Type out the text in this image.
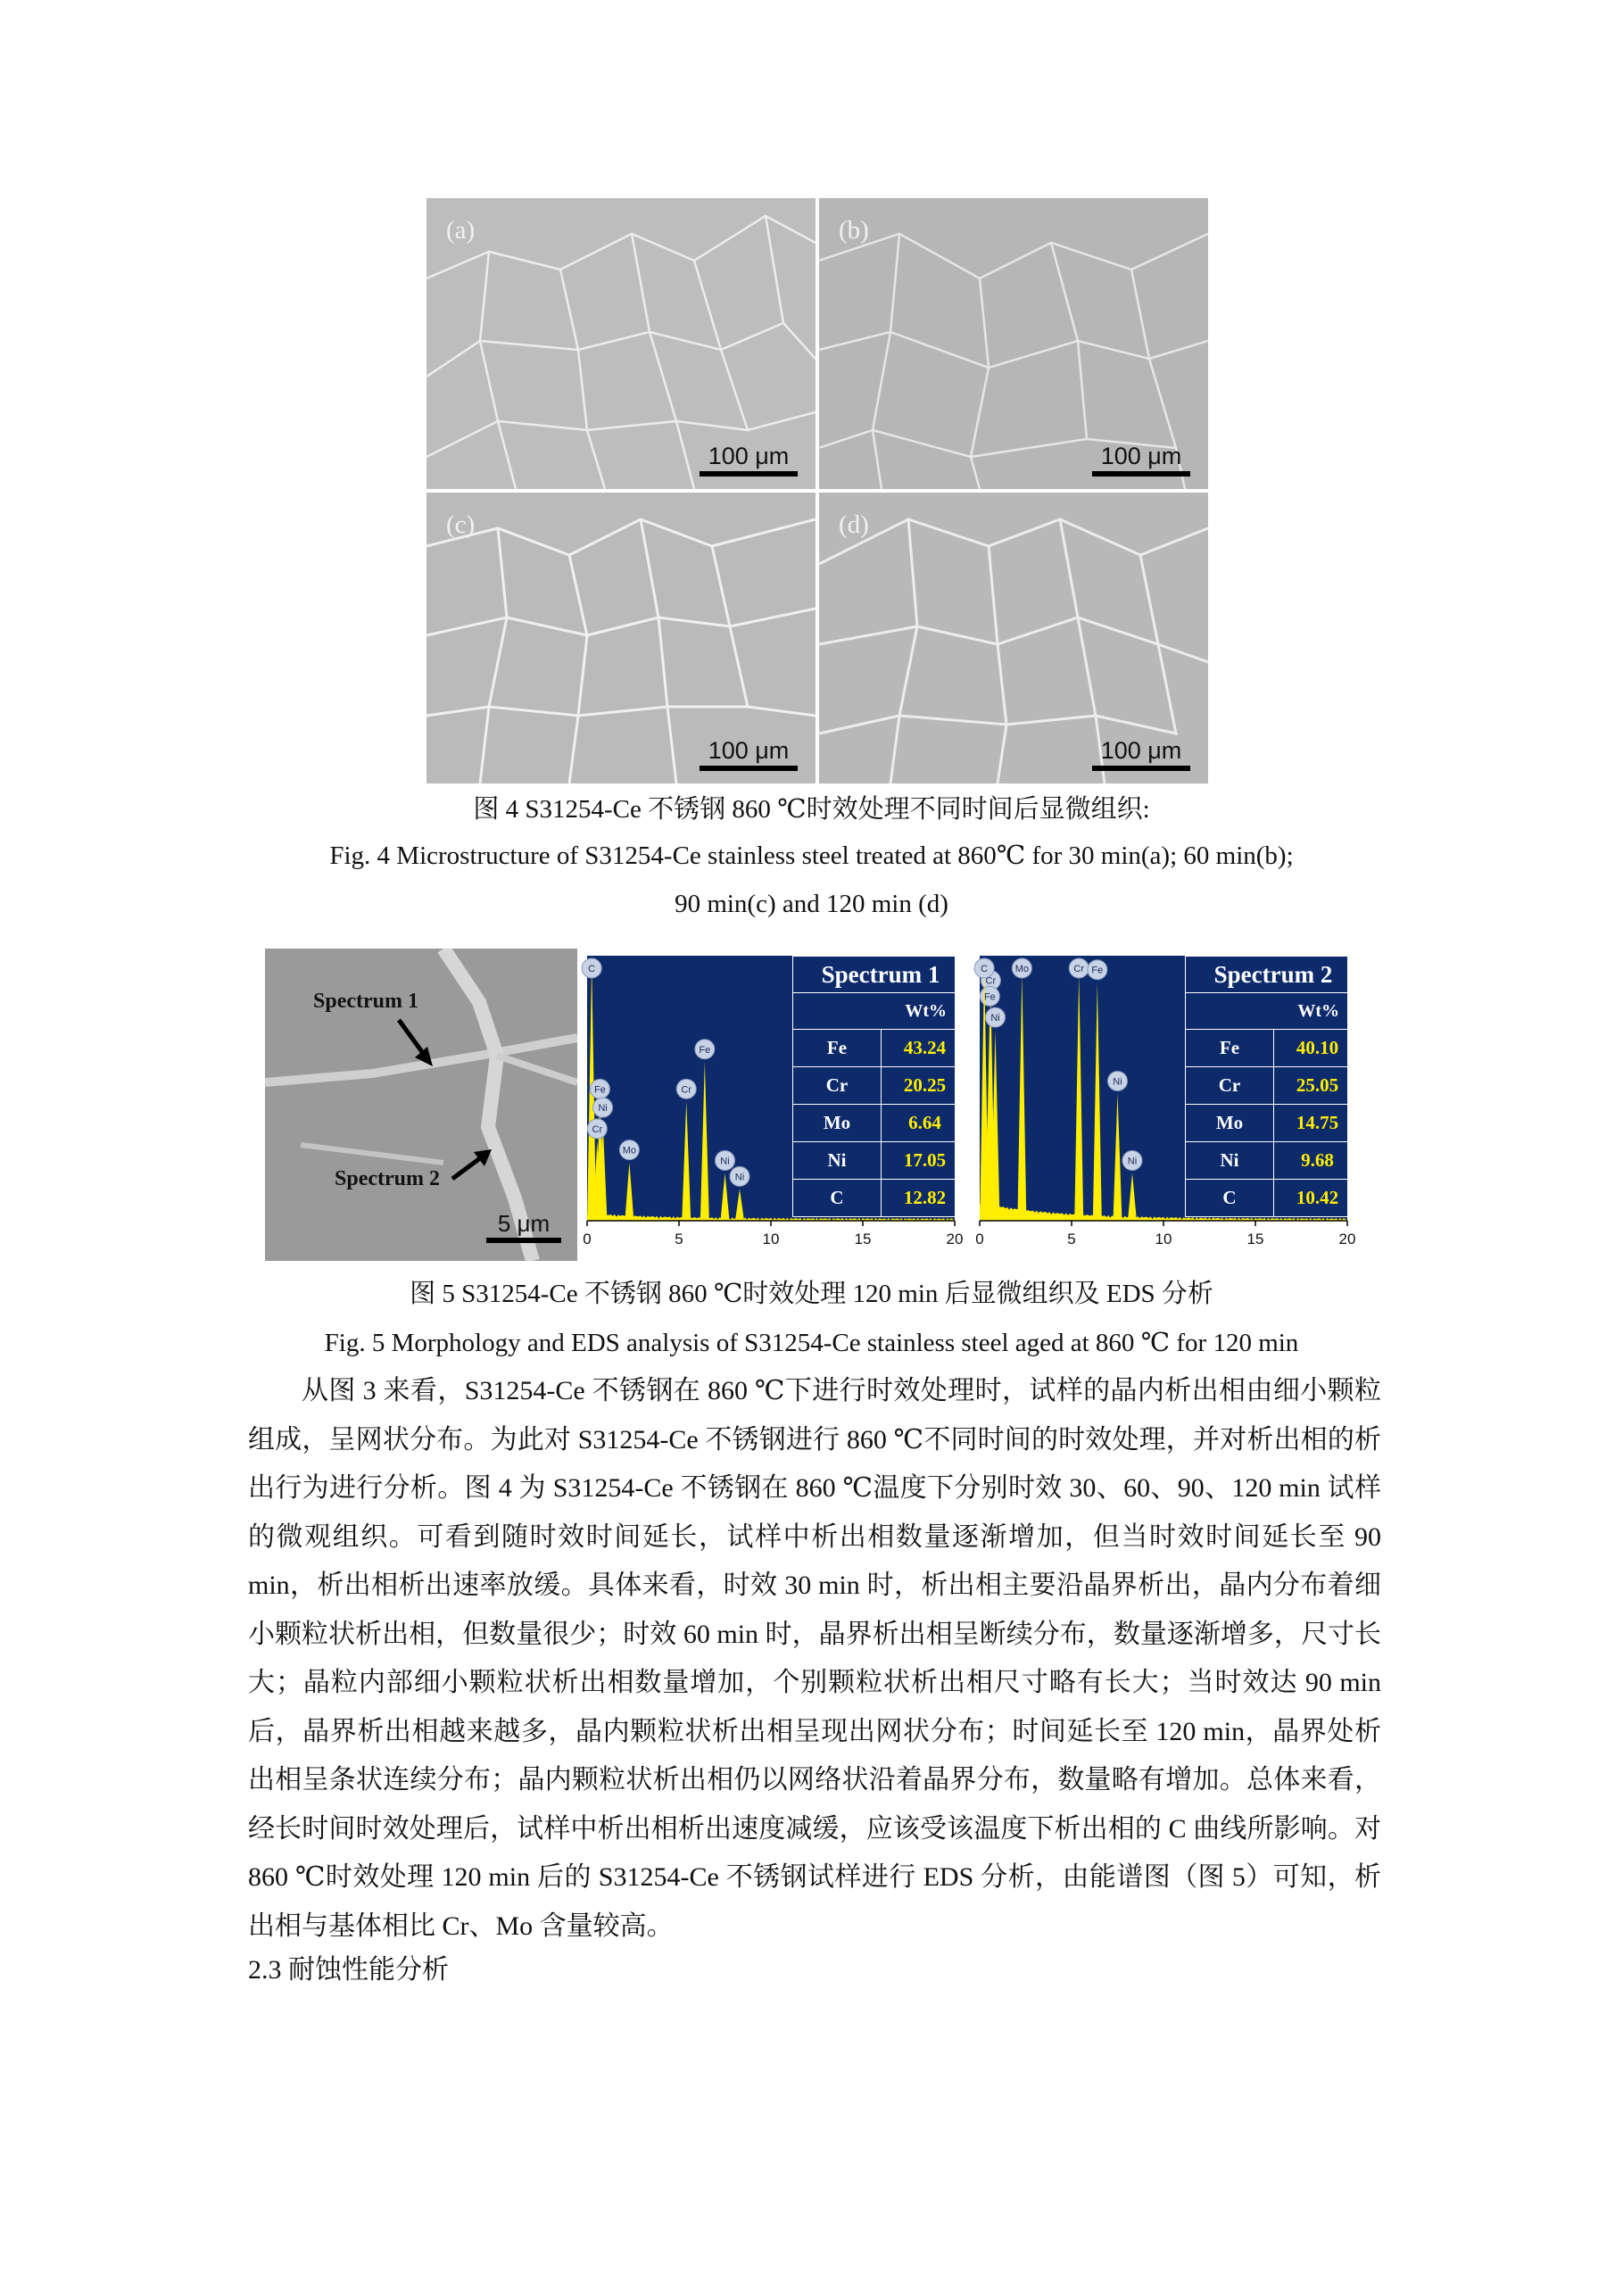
(a)
100 μm
(b)
100 μm
(c)
100 μm
(d)
100 μm
图 4 S31254-Ce 不锈钢 860 ℃时效处理不同时间后显微组织:
Fig. 4 Microstructure of S31254-Ce stainless steel treated at 860℃ for 30 min(a); 60 min(b);
90 min(c) and 120 min (d)
Spectrum 1
Spectrum 2
5 μm
C
Fe
Ni
Cr
Mo
Cr
Fe
Ni
Ni
0	5	10	15	20
Spectrum 1
Wt%
Fe	43.24
Cr	20.25
Mo	6.64
Ni	17.05
C	12.82
Cr
Mo	Cr Fe
Ni
Fe
Ni
C
Ni
0	5	10	15	20
Spectrum 2
Wt%
Fe	40.10
Cr	25.05
Mo	14.75
Ni	9.68
C	10.42
图 5 S31254-Ce 不锈钢 860 ℃时效处理 120 min 后显微组织及 EDS 分析
Fig. 5 Morphology and EDS analysis of S31254-Ce stainless steel aged at 860 ℃ for 120 min

从图 3 来看，S31254-Ce 不锈钢在 860 ℃下进行时效处理时，试样的晶内析出相由细小颗粒组成，呈网状分布。为此对 S31254-Ce 不锈钢进行 860 ℃不同时间的时效处理，并对析出相的析出行为进行分析。图 4 为 S31254-Ce 不锈钢在 860 ℃温度下分别时效 30、60、90、120 min 试样的微观组织。可看到随时效时间延长，试样中析出相数量逐渐增加，但当时效时间延长至 90 min，析出相析出速率放缓。具体来看，时效 30 min 时，析出相主要沿晶界析出，晶内分布着细小颗粒状析出相，但数量很少；时效 60 min 时，晶界析出相呈断续分布，数量逐渐增多，尺寸长大；晶粒内部细小颗粒状析出相数量增加，个别颗粒状析出相尺寸略有长大；当时效达 90 min 后，晶界析出相越来越多，晶内颗粒状析出相呈现出网状分布；时间延长至 120 min，晶界处析出相呈条状连续分布；晶内颗粒状析出相仍以网络状沿着晶界分布，数量略有增加。总体来看，经长时间时效处理后，试样中析出相析出速度减缓，应该受该温度下析出相的 C 曲线所影响。对 860 ℃时效处理 120 min 后的 S31254-Ce 不锈钢试样进行 EDS 分析，由能谱图（图 5）可知，析出相与基体相比 Cr、Mo 含量较高。

2.3 耐蚀性能分析
